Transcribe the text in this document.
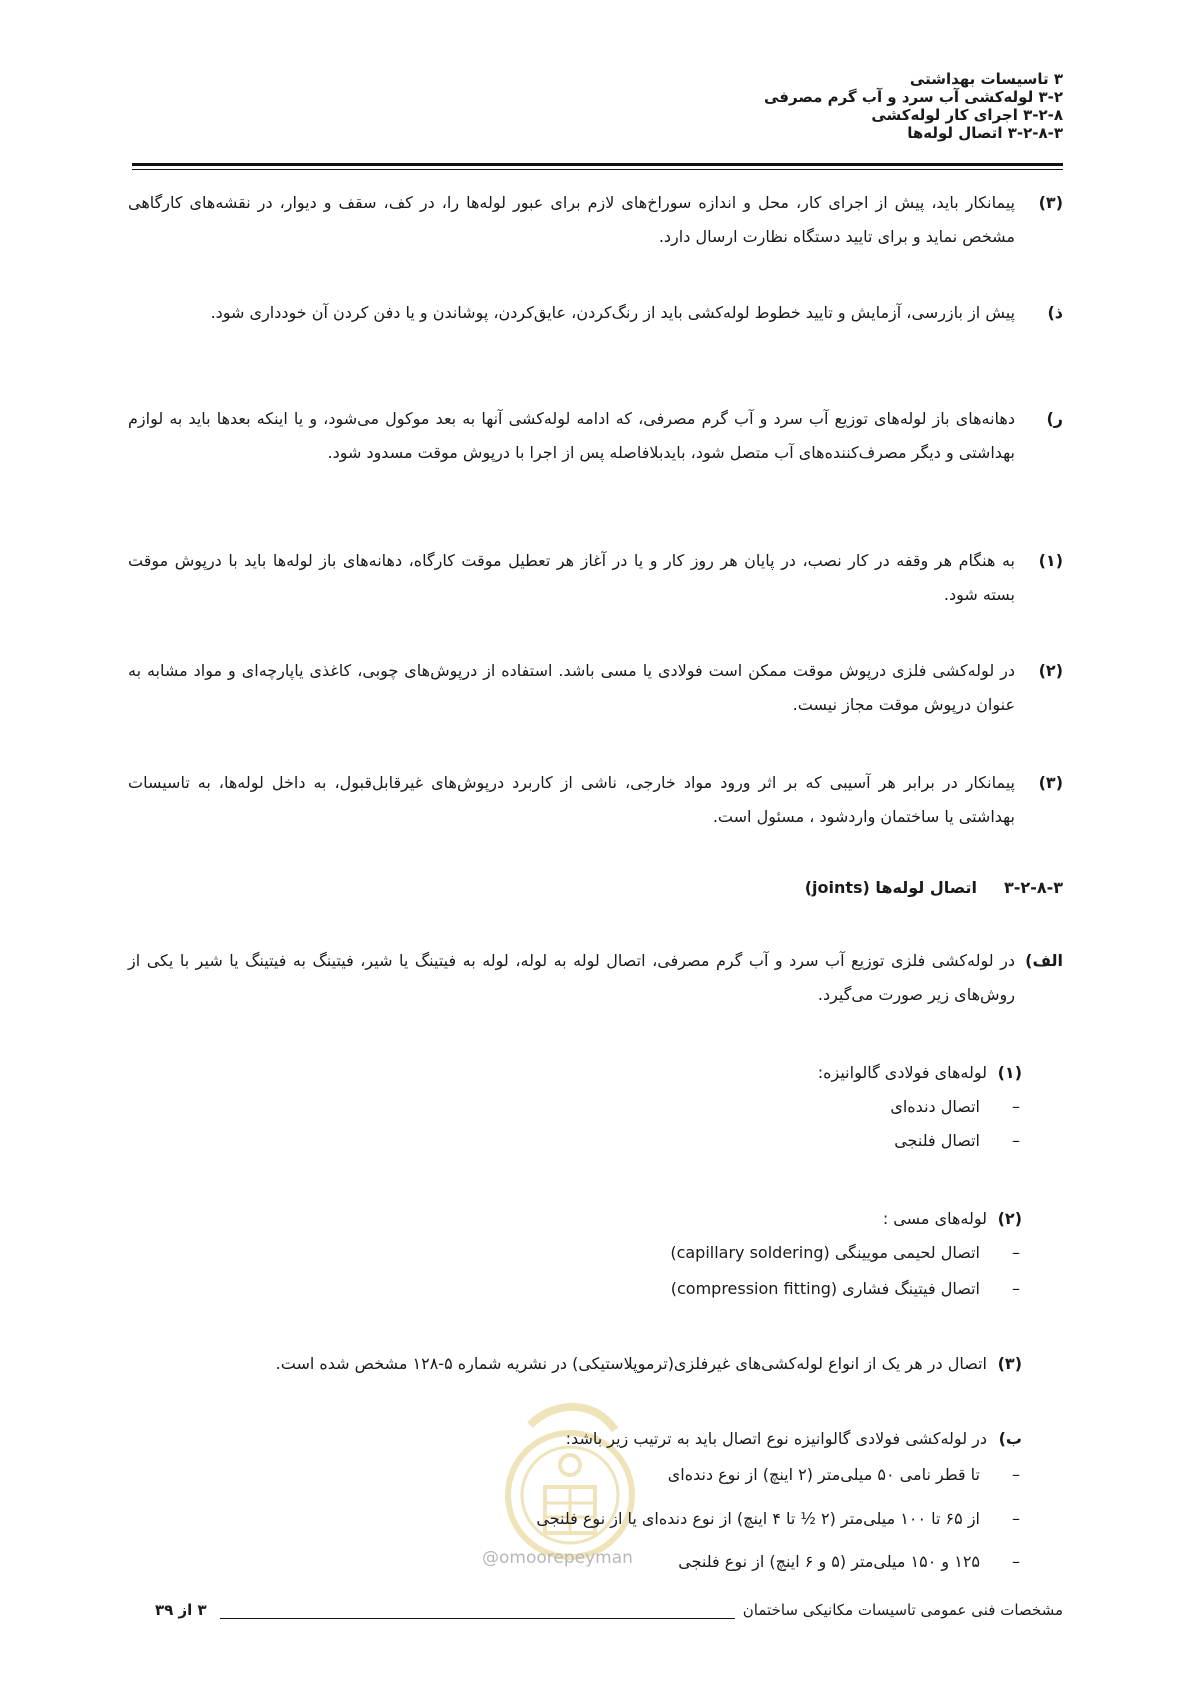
۳ تاسیسات بهداشتی
۳-۲ لوله‌کشی آب سرد و آب گرم مصرفی
۳-۲-۸ اجرای کار لوله‌کشی
۳-۲-۸-۳ اتصال لوله‌ها
(۳)
پیمانکار باید، پیش از اجرای کار، محل و اندازه سوراخ‌های لازم برای عبور لوله‌ها را، در کف، سقف و دیوار، در نقشه‌های کارگاهی مشخص نماید و برای تایید دستگاه نظارت ارسال دارد.
ذ)
پیش از بازرسی، آزمایش و تایید خطوط لوله‌کشی باید از رنگ‌کردن، عایق‌کردن، پوشاندن و یا دفن کردن آن خودداری شود.
ر)
دهانه‌های باز لوله‌های توزیع آب سرد و آب گرم مصرفی، که ادامه لوله‌کشی آنها به بعد موکول می‌شود، و یا اینکه بعدها باید به لوازم بهداشتی و دیگر مصرف‌کننده‌های آب متصل شود، بایدبلافاصله پس از اجرا با درپوش موقت مسدود شود.
(۱)
به هنگام هر وقفه در کار نصب، در پایان هر روز کار و یا در آغاز هر تعطیل موقت کارگاه، دهانه‌های باز لوله‌ها باید با درپوش موقت بسته شود.
(۲)
در لوله‌کشی فلزی درپوش موقت ممکن است فولادی یا مسی باشد. استفاده از درپوش‌های چوبی، کاغذی یاپارچه‌ای و مواد مشابه به عنوان درپوش موقت مجاز نیست.
(۳)
پیمانکار در برابر هر آسیبی که بر اثر ورود مواد خارجی، ناشی از کاربرد درپوش‌های غیرقابل‌قبول، به داخل لوله‌ها، به تاسیسات بهداشتی یا ساختمان واردشود ، مسئول است.
۳-۲-۸-۳
اتصال لوله‌ها (joints)
الف)
در لوله‌کشی فلزی توزیع آب سرد و آب گرم مصرفی، اتصال لوله به لوله، لوله به فیتینگ یا شیر، فیتینگ به فیتینگ یا شیر با یکی از روش‌های زیر صورت می‌گیرد.
(۱)
لوله‌های فولادی گالوانیزه:
–
اتصال دنده‌ای
–
اتصال فلنجی
(۲)
لوله‌های مسی :
–
اتصال لحیمی مویینگی (capillary soldering)
–
اتصال فیتینگ فشاری (compression fitting)
(۳)
اتصال در هر یک از انواع لوله‌کشی‌های غیرفلزی(ترموپلاستیکی) در نشریه شماره ۵-۱۲۸ مشخص شده است.
@omoorepeyman
ب)
در لوله‌کشی فولادی گالوانیزه نوع اتصال باید به ترتیب زیر باشد:
–
تا قطر نامی ۵۰ میلی‌متر (۲ اینچ) از نوع دنده‌ای
–
از ۶۵ تا ۱۰۰ میلی‌متر (۲ ½ تا ۴ اینچ) از نوع دنده‌ای یا از نوع فلنجی
–
۱۲۵ و ۱۵۰ میلی‌متر (۵ و ۶ اینچ) از نوع فلنجی
مشخصات فنی عمومی تاسیسات مکانیکی ساختمان
۳ از ۳۹
